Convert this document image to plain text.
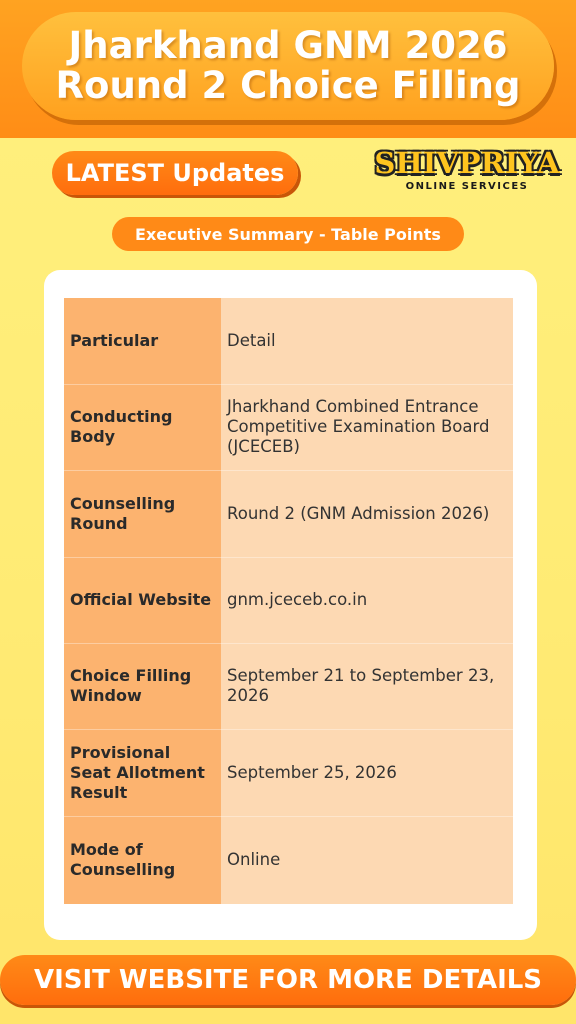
Jharkhand GNM 2026
Round 2 Choice Filling
LATEST Updates	SHIVPRIYA
ONLINE SERVICES
Executive Summary - Table Points
Particular	Detail
Conducting Body	Jharkhand Combined Entrance Competitive Examination Board (JCECEB)
Counselling Round	Round 2 (GNM Admission 2026)
Official Website	gnm.jceceb.co.in
Choice Filling Window	September 21 to September 23, 2026
Provisional Seat Allotment Result	September 25, 2026
Mode of Counselling	Online
VISIT WEBSITE FOR MORE DETAILS
